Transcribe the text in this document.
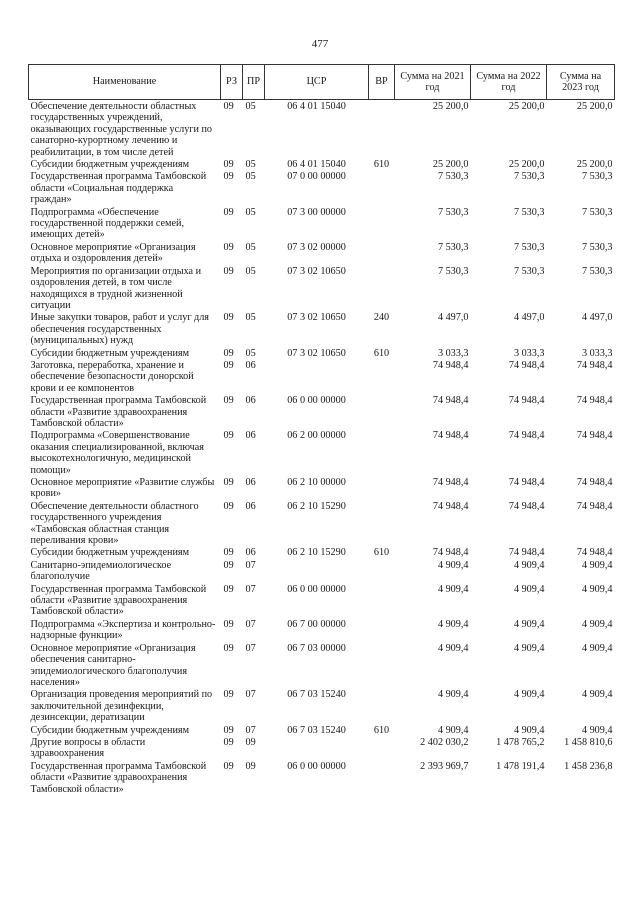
477
Наименование	РЗ	ПР	ЦСР	ВР	Сумма на 2021 год	Сумма на 2022 год	Сумма на 2023 год
Обеспечение деятельности областных государственных учреждений, оказывающих государственные услуги по санаторно-курортному лечению и реабилитации, в том числе детей	09	05	06 4 01 15040		25 200,0	25 200,0	25 200,0
Субсидии бюджетным учреждениям	09	05	06 4 01 15040	610	25 200,0	25 200,0	25 200,0
Государственная программа Тамбовской области «Социальная поддержка граждан»	09	05	07 0 00 00000		7 530,3	7 530,3	7 530,3
Подпрограмма «Обеспечение государственной поддержки семей, имеющих детей»	09	05	07 3 00 00000		7 530,3	7 530,3	7 530,3
Основное мероприятие «Организация отдыха и оздоровления детей»	09	05	07 3 02 00000		7 530,3	7 530,3	7 530,3
Мероприятия по организации отдыха и оздоровления детей, в том числе находящихся в трудной жизненной ситуации	09	05	07 3 02 10650		7 530,3	7 530,3	7 530,3
Иные закупки товаров, работ и услуг для обеспечения государственных (муниципальных) нужд	09	05	07 3 02 10650	240	4 497,0	4 497,0	4 497,0
Субсидии бюджетным учреждениям	09	05	07 3 02 10650	610	3 033,3	3 033,3	3 033,3
Заготовка, переработка, хранение и обеспечение безопасности донорской крови и ее компонентов	09	06			74 948,4	74 948,4	74 948,4
Государственная программа Тамбовской области «Развитие здравоохранения Тамбовской области»	09	06	06 0 00 00000		74 948,4	74 948,4	74 948,4
Подпрограмма «Совершенствование оказания специализированной, включая высокотехнологичную, медицинской помощи»	09	06	06 2 00 00000		74 948,4	74 948,4	74 948,4
Основное мероприятие «Развитие службы крови»	09	06	06 2 10 00000		74 948,4	74 948,4	74 948,4
Обеспечение деятельности областного государственного учреждения «Тамбовская областная станция переливания крови»	09	06	06 2 10 15290		74 948,4	74 948,4	74 948,4
Субсидии бюджетным учреждениям	09	06	06 2 10 15290	610	74 948,4	74 948,4	74 948,4
Санитарно-эпидемиологическое благополучие	09	07			4 909,4	4 909,4	4 909,4
Государственная программа Тамбовской области «Развитие здравоохранения Тамбовской области»	09	07	06 0 00 00000		4 909,4	4 909,4	4 909,4
Подпрограмма «Экспертиза и контрольно-надзорные функции»	09	07	06 7 00 00000		4 909,4	4 909,4	4 909,4
Основное мероприятие «Организация обеспечения санитарно-эпидемиологического благополучия населения»	09	07	06 7 03 00000		4 909,4	4 909,4	4 909,4
Организация проведения мероприятий по заключительной дезинфекции, дезинсекции, дератизации	09	07	06 7 03 15240		4 909,4	4 909,4	4 909,4
Субсидии бюджетным учреждениям	09	07	06 7 03 15240	610	4 909,4	4 909,4	4 909,4
Другие вопросы в области здравоохранения	09	09			2 402 030,2	1 478 765,2	1 458 810,6
Государственная программа Тамбовской области «Развитие здравоохранения Тамбовской области»	09	09	06 0 00 00000		2 393 969,7	1 478 191,4	1 458 236,8
